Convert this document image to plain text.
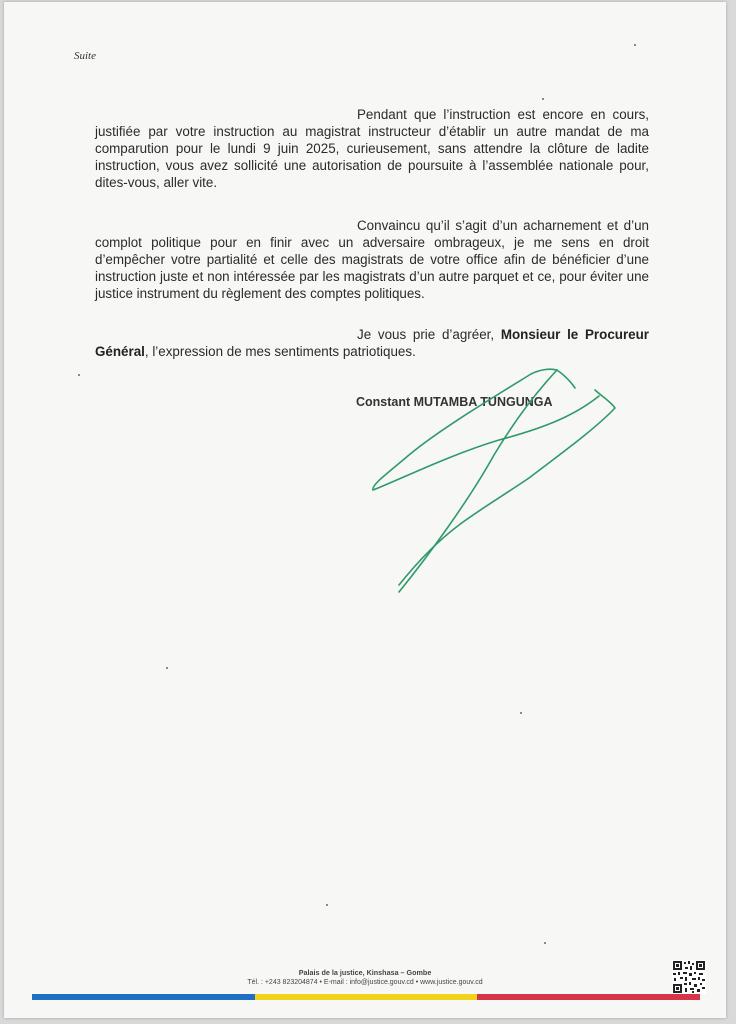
Suite

Pendant que l’instruction est encore en cours, justifiée par votre instruction au magistrat instructeur d’établir un autre mandat de ma comparution pour le lundi 9 juin 2025, curieusement, sans attendre la clôture de ladite instruction, vous avez sollicité une autorisation de poursuite à l’assemblée nationale pour, dites-vous, aller vite.

Convaincu qu’il s’agit d’un acharnement et d’un complot politique pour en finir avec un adversaire ombrageux, je me sens en droit d’empêcher votre partialité et celle des magistrats de votre office afin de bénéficier d’une instruction juste et non intéressée par les magistrats d’un autre parquet et ce, pour éviter une justice instrument du règlement des comptes politiques.

Je vous prie d’agréer, Monsieur le Procureur Général, l’expression de mes sentiments patriotiques.

Constant MUTAMBA TUNGUNGA
Palais de la justice, Kinshasa – Gombe
Tél. : +243 823204874 • E-mail : info@justice.gouv.cd • www.justice.gouv.cd
